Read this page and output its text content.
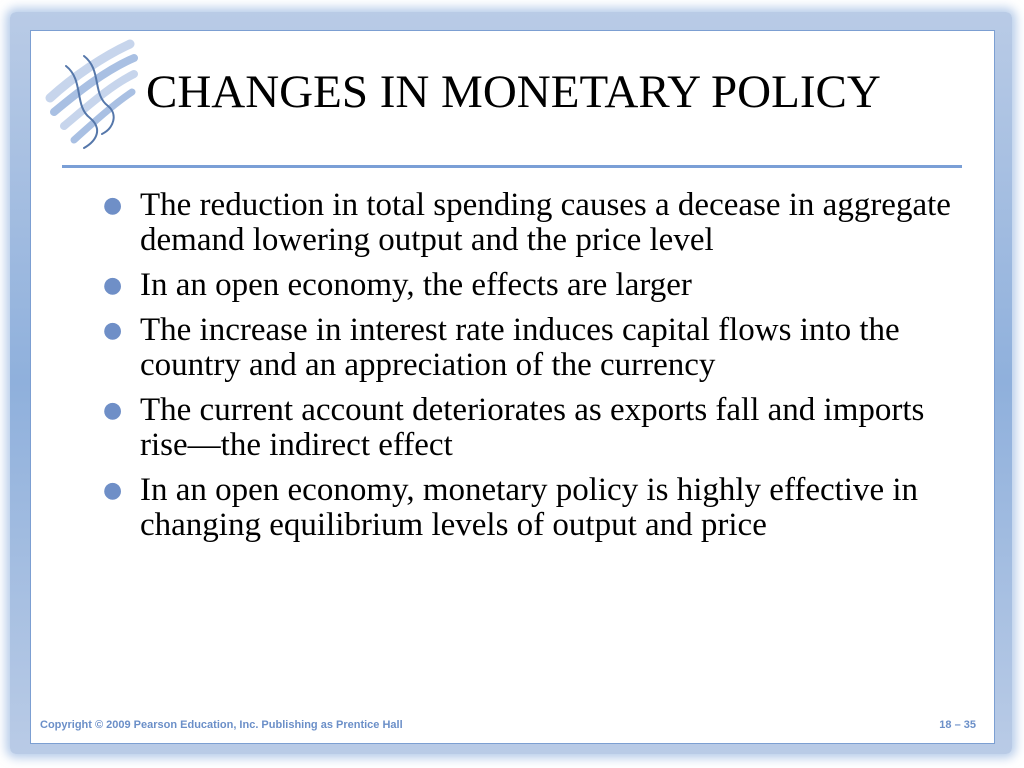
CHANGES IN MONETARY POLICY
● The reduction in total spending causes a decease in aggregate demand lowering output and the price level
● In an open economy, the effects are larger
● The increase in interest rate induces capital flows into the country and an appreciation of the currency
● The current account deteriorates as exports fall and imports rise—the indirect effect
● In an open economy, monetary policy is highly effective in changing equilibrium levels of output and price
Copyright © 2009 Pearson Education, Inc. Publishing as Prentice Hall	18 – 35
